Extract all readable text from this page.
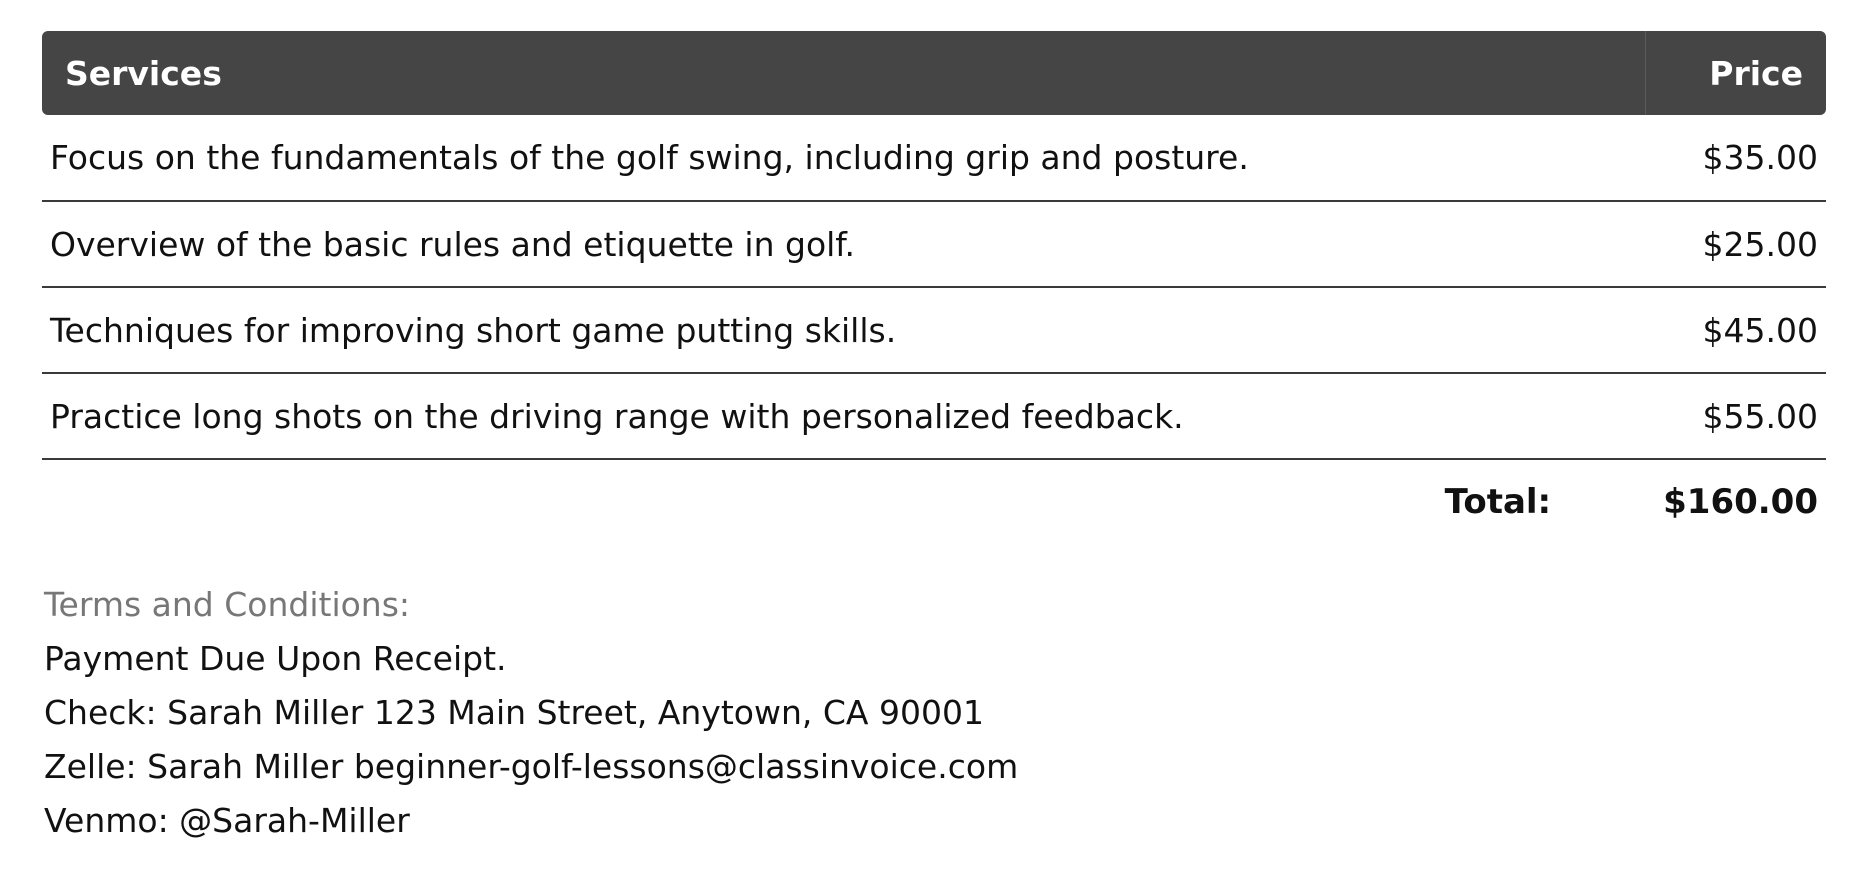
Services	Price
Focus on the fundamentals of the golf swing, including grip and posture.	$35.00
Overview of the basic rules and etiquette in golf.	$25.00
Techniques for improving short game putting skills.	$45.00
Practice long shots on the driving range with personalized feedback.	$55.00
Total:	$160.00
Terms and Conditions:
Payment Due Upon Receipt.
Check: Sarah Miller 123 Main Street, Anytown, CA 90001
Zelle: Sarah Miller beginner-golf-lessons@classinvoice.com
Venmo: @Sarah-Miller
